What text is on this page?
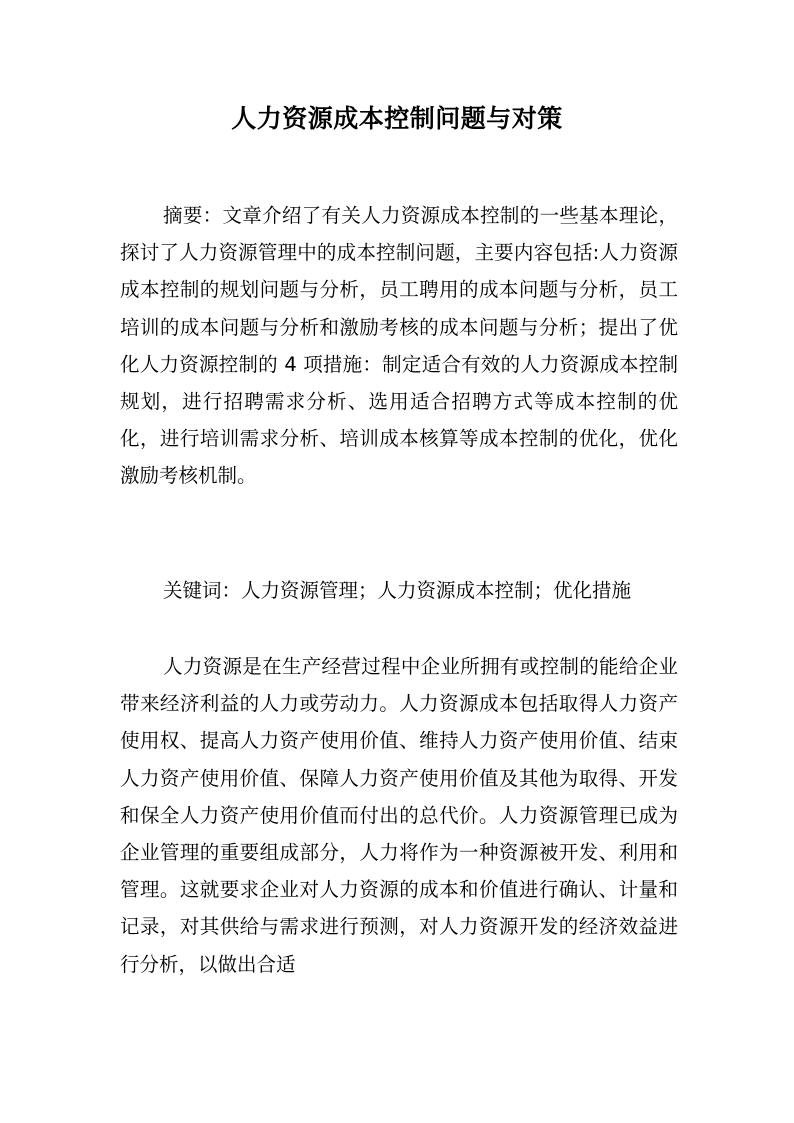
人力资源成本控制问题与对策

摘要：文章介绍了有关人力资源成本控制的一些基本理论，探讨了人力资源管理中的成本控制问题，主要内容包括:人力资源成本控制的规划问题与分析，员工聘用的成本问题与分析，员工培训的成本问题与分析和激励考核的成本问题与分析；提出了优化人力资源控制的 4 项措施：制定适合有效的人力资源成本控制规划，进行招聘需求分析、选用适合招聘方式等成本控制的优化，进行培训需求分析、培训成本核算等成本控制的优化，优化激励考核机制。

关键词：人力资源管理；人力资源成本控制；优化措施

人力资源是在生产经营过程中企业所拥有或控制的能给企业带来经济利益的人力或劳动力。人力资源成本包括取得人力资产使用权、提高人力资产使用价值、维持人力资产使用价值、结束人力资产使用价值、保障人力资产使用价值及其他为取得、开发和保全人力资产使用价值而付出的总代价。人力资源管理已成为企业管理的重要组成部分，人力将作为一种资源被开发、利用和管理。这就要求企业对人力资源的成本和价值进行确认、计量和记录，对其供给与需求进行预测，对人力资源开发的经济效益进行分析，以做出合适
